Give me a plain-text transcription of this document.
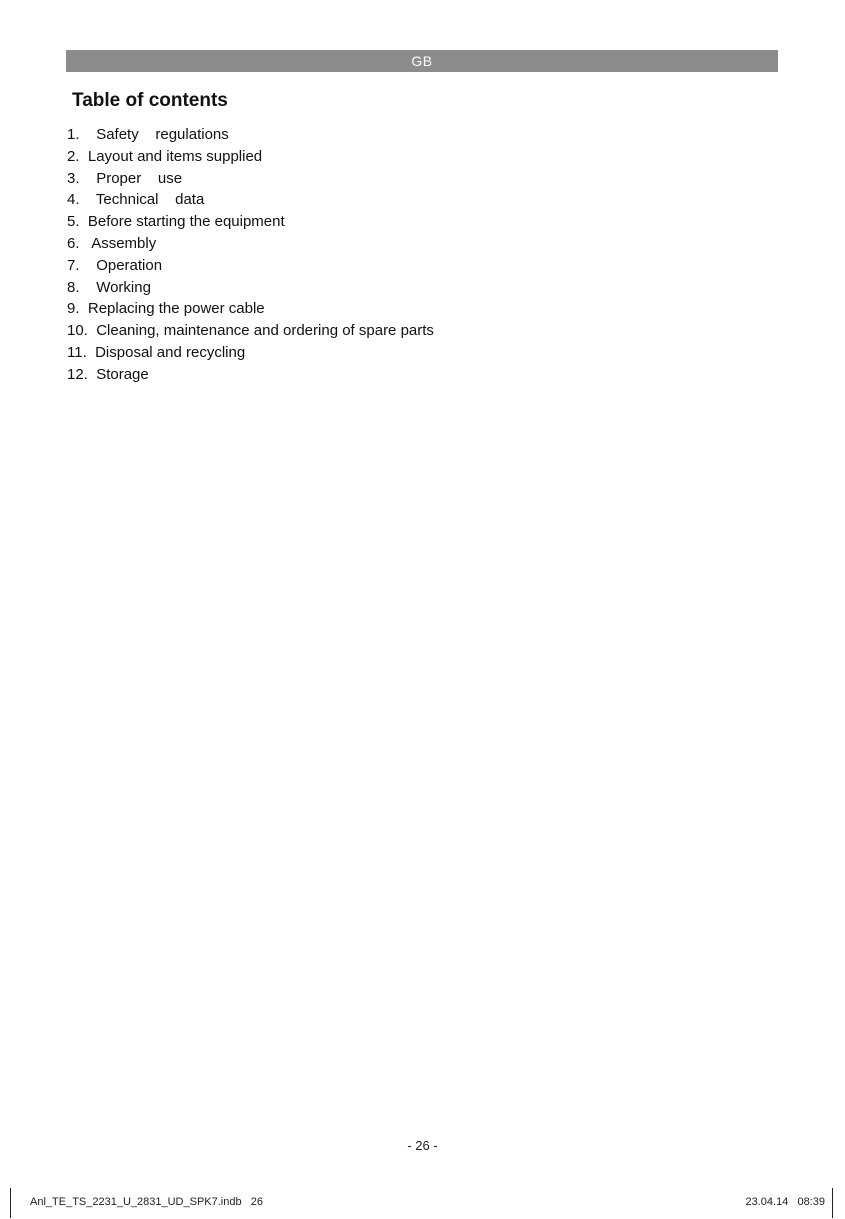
GB
Table of contents
1. Safety    regulations
2. Layout and items supplied
3. Proper    use
4. Technical    data
5. Before starting the equipment
6. Assembly
7. Operation
8. Working
9. Replacing the power cable
10. Cleaning, maintenance and ordering of spare parts
11. Disposal and recycling
12. Storage
- 26 -
Anl_TE_TS_2231_U_2831_UD_SPK7.indb   26	23.04.14   08:39
